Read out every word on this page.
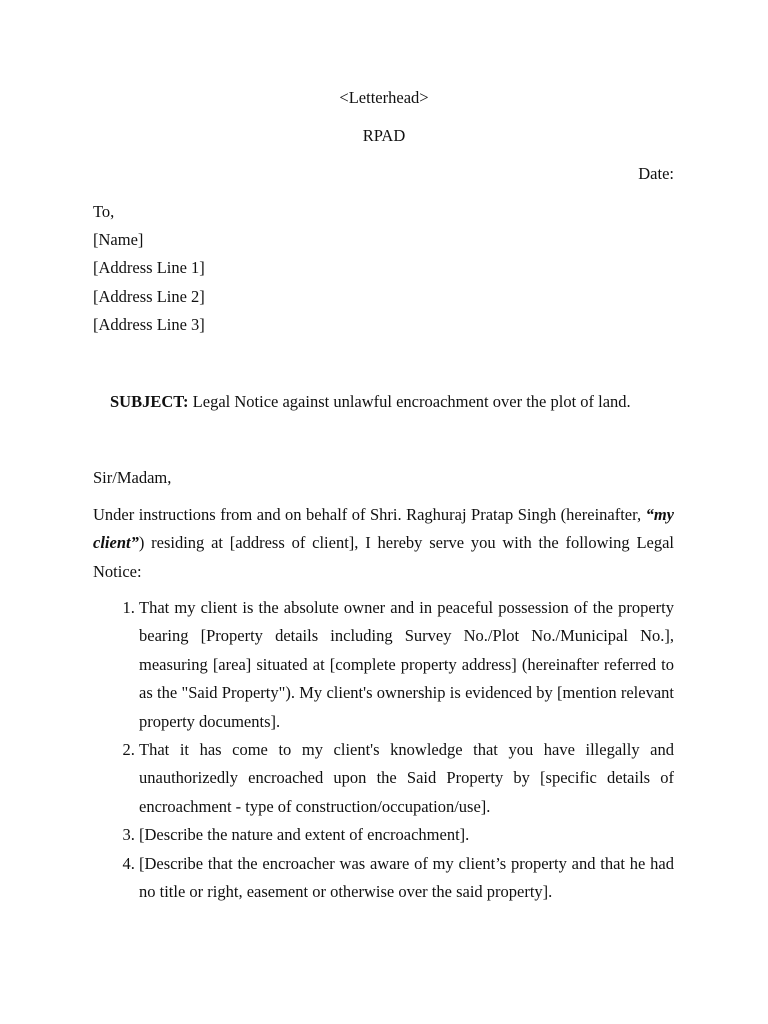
<Letterhead>
RPAD
Date:
To,
[Name]
[Address Line 1]
[Address Line 2]
[Address Line 3]
SUBJECT: Legal Notice against unlawful encroachment over the plot of land.
Sir/Madam,
Under instructions from and on behalf of Shri. Raghuraj Pratap Singh (hereinafter, “my client”) residing at [address of client], I hereby serve you with the following Legal Notice:
1. That my client is the absolute owner and in peaceful possession of the property bearing [Property details including Survey No./Plot No./Municipal No.], measuring [area] situated at [complete property address] (hereinafter referred to as the "Said Property"). My client's ownership is evidenced by [mention relevant property documents].
2. That it has come to my client's knowledge that you have illegally and unauthorizedly encroached upon the Said Property by [specific details of encroachment - type of construction/occupation/use].
3. [Describe the nature and extent of encroachment].
4. [Describe that the encroacher was aware of my client’s property and that he had no title or right, easement or otherwise over the said property].
